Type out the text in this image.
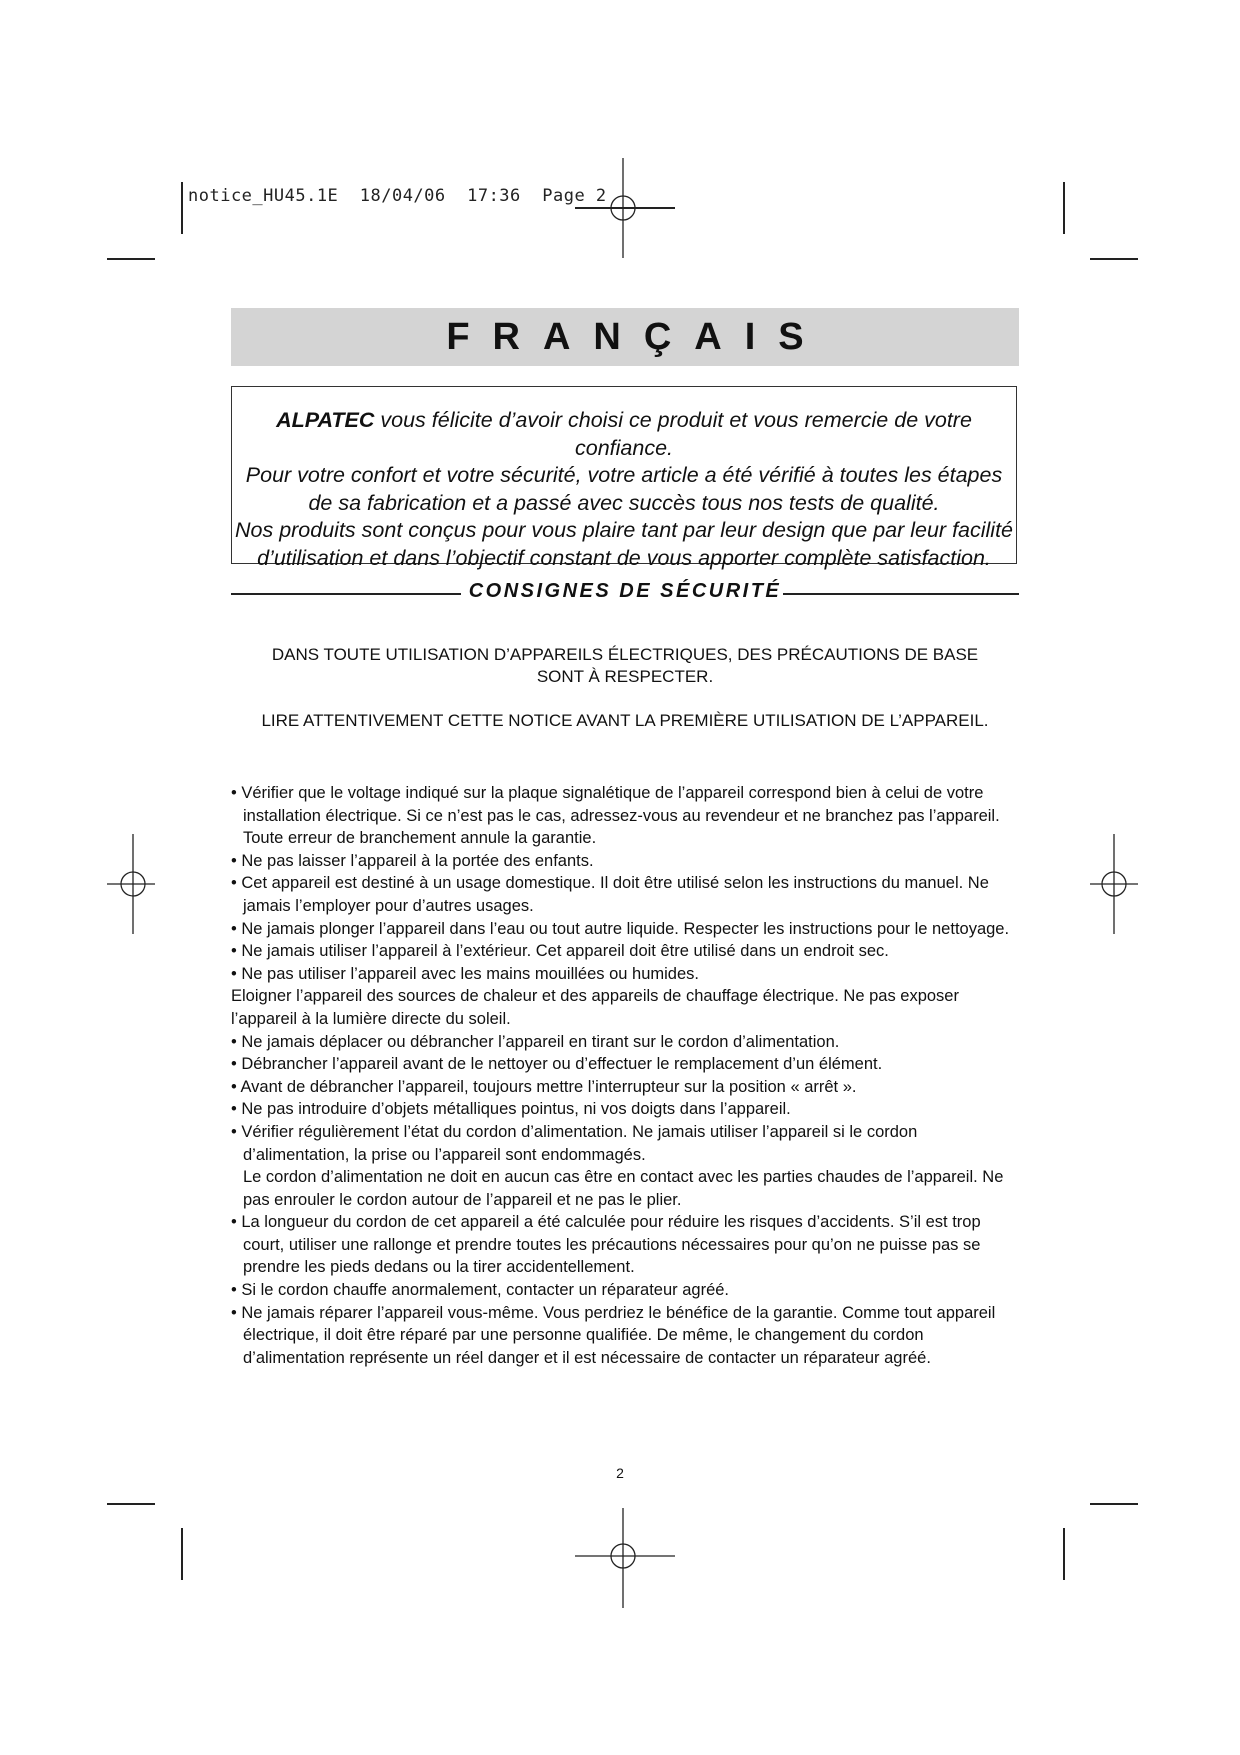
notice_HU45.1E  18/04/06  17:36  Page 2
FRANÇAIS
ALPATEC vous félicite d’avoir choisi ce produit et vous remercie de votre confiance.
Pour votre confort et votre sécurité, votre article a été vérifié à toutes les étapes
de sa fabrication et a passé avec succès tous nos tests de qualité.
Nos produits sont conçus pour vous plaire tant par leur design que par leur facilité
d’utilisation et dans l’objectif constant de vous apporter complète satisfaction.
CONSIGNES DE SÉCURITÉ
DANS TOUTE UTILISATION D’APPAREILS ÉLECTRIQUES, DES PRÉCAUTIONS DE BASE
SONT À RESPECTER.
LIRE ATTENTIVEMENT CETTE NOTICE AVANT LA PREMIÈRE UTILISATION DE L’APPAREIL.
• Vérifier que le voltage indiqué sur la plaque signalétique de l’appareil correspond bien à celui de votre installation électrique. Si ce n’est pas le cas, adressez-vous au revendeur et ne branchez pas l’appareil. Toute erreur de branchement annule la garantie.
• Ne pas laisser l’appareil à la portée des enfants.
• Cet appareil est destiné à un usage domestique. Il doit être utilisé selon les instructions du manuel. Ne jamais l’employer pour d’autres usages.
• Ne jamais plonger l’appareil dans l’eau ou tout autre liquide. Respecter les instructions pour le nettoyage.
• Ne jamais utiliser l’appareil à l’extérieur. Cet appareil doit être utilisé dans un endroit sec.
• Ne pas utiliser l’appareil avec les mains mouillées ou humides.
Eloigner l’appareil des sources de chaleur et des appareils de chauffage électrique. Ne pas exposer l’appareil à la lumière directe du soleil.
• Ne jamais déplacer ou débrancher l’appareil en tirant sur le cordon d’alimentation.
• Débrancher l’appareil avant de le nettoyer ou d’effectuer le remplacement d’un élément.
• Avant de débrancher l’appareil, toujours mettre l’interrupteur sur la position « arrêt ».
• Ne pas introduire d’objets métalliques pointus, ni vos doigts dans l’appareil.
• Vérifier régulièrement l’état du cordon d’alimentation. Ne jamais utiliser l’appareil si le cordon d’alimentation, la prise ou l’appareil sont endommagés.
Le cordon d’alimentation ne doit en aucun cas être en contact avec les parties chaudes de l’appareil. Ne pas enrouler le cordon autour de l’appareil et ne pas le plier.
• La longueur du cordon de cet appareil a été calculée pour réduire les risques d’accidents. S’il est trop court, utiliser une rallonge et prendre toutes les précautions nécessaires pour qu’on ne puisse pas se prendre les pieds dedans ou la tirer accidentellement.
• Si le cordon chauffe anormalement, contacter un réparateur agréé.
• Ne jamais réparer l’appareil vous-même. Vous perdriez le bénéfice de la garantie. Comme tout appareil électrique, il doit être réparé par une personne qualifiée. De même, le changement du cordon d’alimentation représente un réel danger et il est nécessaire de contacter un réparateur agréé.
2
